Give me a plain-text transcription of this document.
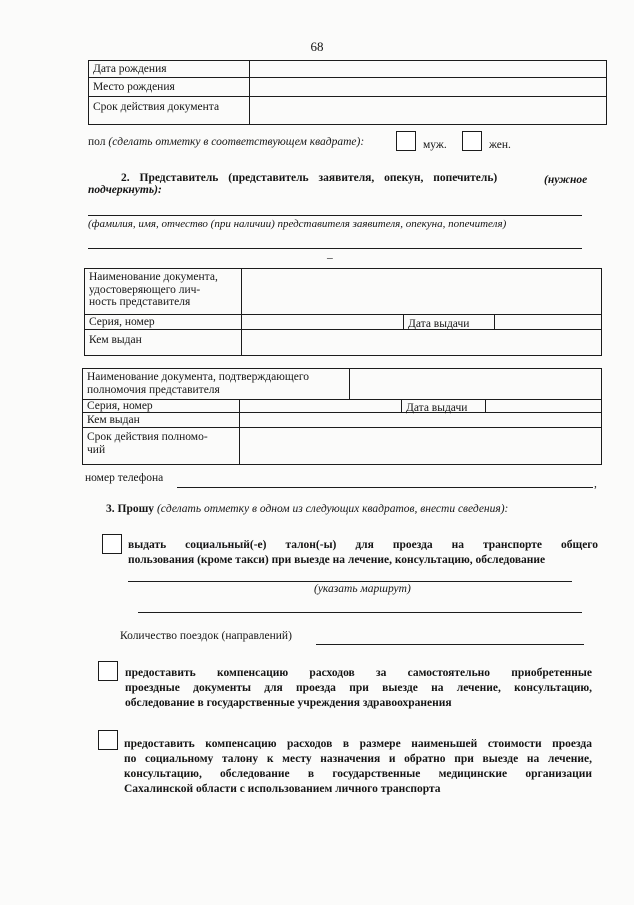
68
Дата рождения
Место рождения
Срок действия документа
пол (сделать отметку в соответствующем квадрате):	муж.	жен.
2. Представитель (представитель заявителя, опекун, попечитель)	(нужное
подчеркнуть):
(фамилия, имя, отчество (при наличии) представителя заявителя, опекуна, попечителя)
–
Наименование документа,
удостоверяющего лич-
ность представителя
Серия, номер	Дата выдачи
Кем выдан
Наименование документа, подтверждающего
полномочия представителя
Серия, номер	Дата выдачи
Кем выдан
Срок действия полномо-
чий
номер телефона	,
3. Прошу (сделать отметку в одном из следующих квадратов, внести сведения):
выдать социальный(-е) талон(-ы) для проезда на транспорте общего
пользования (кроме такси) при выезде на лечение, консультацию, обследование
(указать маршрут)
Количество поездок (направлений)
предоставить компенсацию расходов за самостоятельно приобретенные
проездные документы для проезда при выезде на лечение, консультацию,
обследование в государственные учреждения здравоохранения
предоставить компенсацию расходов в размере наименьшей стоимости проезда
по социальному талону к месту назначения и обратно при выезде на лечение,
консультацию, обследование в государственные медицинские организации
Сахалинской области с использованием личного транспорта
